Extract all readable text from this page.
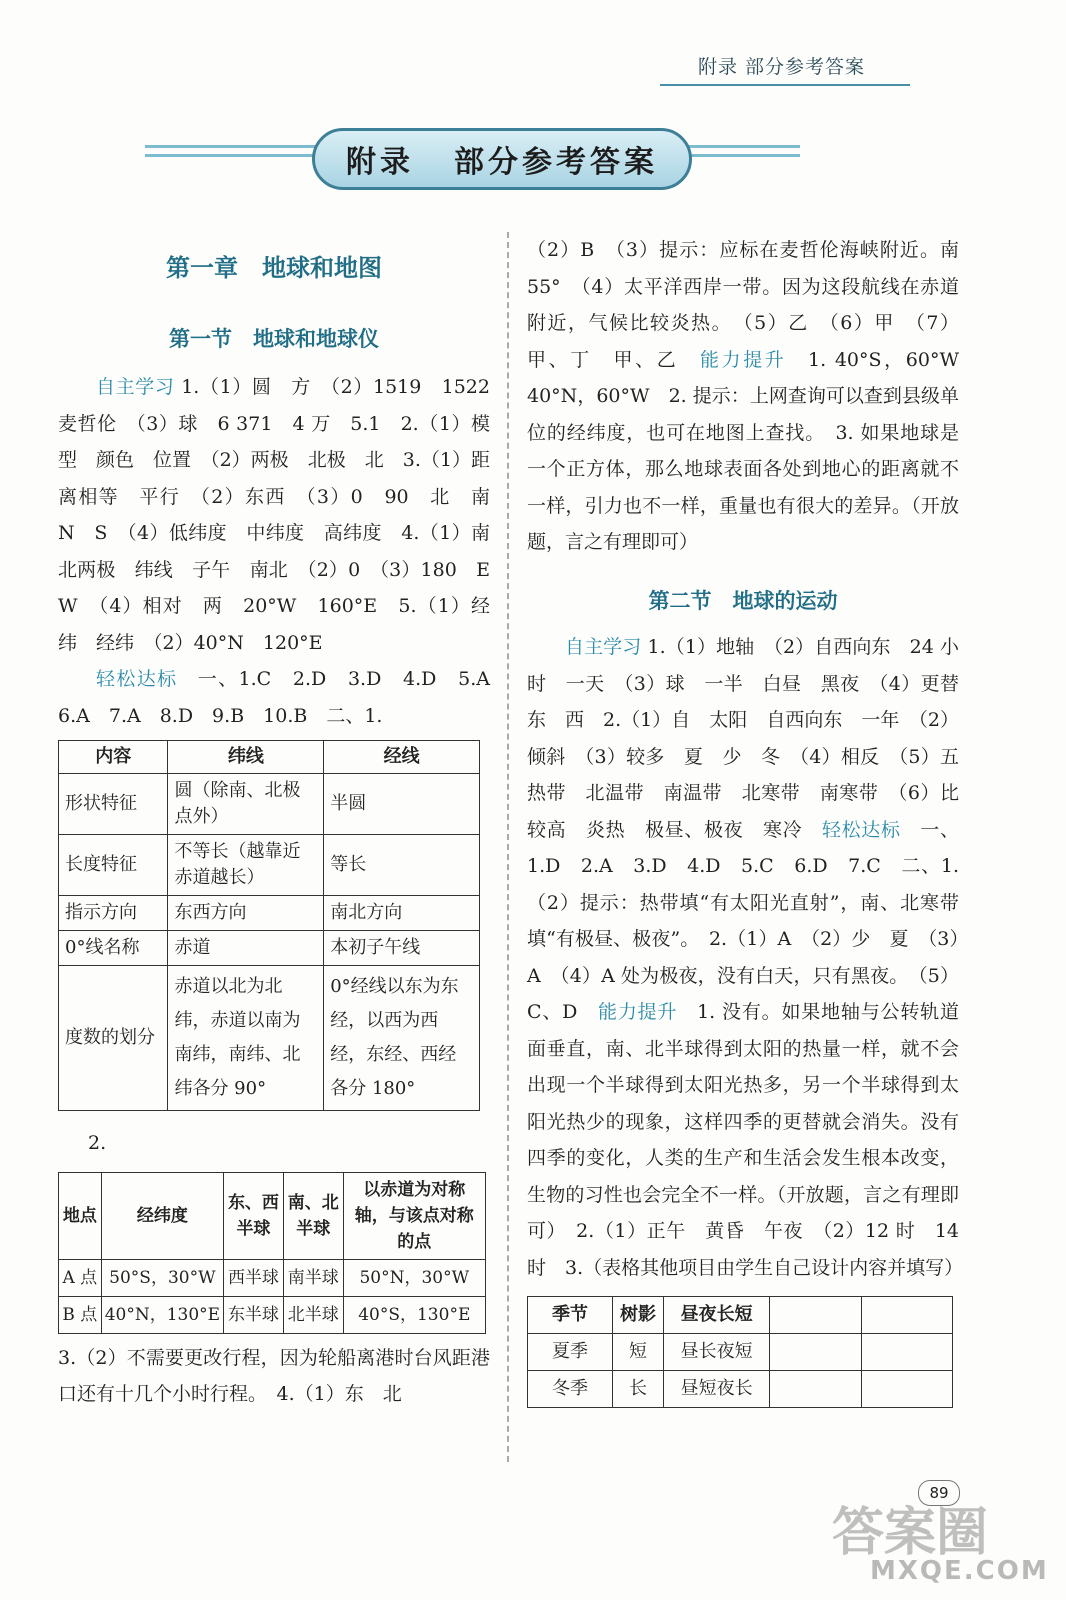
附录 部分参考答案
附录 部分参考答案
第一章　地球和地图
第一节　地球和地球仪

自主学习 1.（1）圆　方　（2）1519　1522　麦哲伦　（3）球　6 371　4 万　5.1　2.（1）模型　颜色　位置　（2）两极　北极　北　3.（1）距离相等　平行　（2）东西　（3）0　90　北　南　N　S　（4）低纬度　中纬度　高纬度　4.（1）南北两极　纬线　子午　南北　（2）0　（3）180　E　W　（4）相对　两　20°W　160°E　5.（1）经　纬　经纬　（2）40°N　120°E

轻松达标　一、1.C　2.D　3.D　4.D　5.A　6.A　7.A　8.D　9.B　10.B　二、1.

内容	纬线	经线
形状特征	圆（除南、北极点外）	半圆
长度特征	不等长（越靠近赤道越长）	等长
指示方向	东西方向	南北方向
0°线名称	赤道	本初子午线
度数的划分	赤道以北为北纬，赤道以南为南纬，南纬、北纬各分 90°	0°经线以东为东经，以西为西经，东经、西经各分 180°

2.

地点	经纬度	东、西半球	南、北半球	以赤道为对称轴，与该点对称的点
A 点	50°S，30°W	西半球	南半球	50°N，30°W
B 点	40°N，130°E	东半球	北半球	40°S，130°E

3.（2）不需要更改行程，因为轮船离港时台风距港口还有十几个小时行程。　4.（1）东　北

（2）B　（3）提示：应标在麦哲伦海峡附近。南　55°　（4）太平洋西岸一带。因为这段航线在赤道附近，气候比较炎热。　（5）乙　（6）甲　（7）甲、丁　甲、乙　能力提升　1. 40°S，60°W　40°N，60°W　2. 提示：上网查询可以查到县级单位的经纬度，也可在地图上查找。　3. 如果地球是一个正方体，那么地球表面各处到地心的距离就不一样，引力也不一样，重量也有很大的差异。（开放题，言之有理即可）

第二节　地球的运动

自主学习 1.（1）地轴　（2）自西向东　24 小时　一天　（3）球　一半　白昼　黑夜　（4）更替　东　西　2.（1）自　太阳　自西向东　一年　（2）倾斜　（3）较多　夏　少　冬　（4）相反　（5）五　热带　北温带　南温带　北寒带　南寒带　（6）比较高　炎热　极昼、极夜　寒冷　轻松达标　一、1.D　2.A　3.D　4.D　5.C　6.D　7.C　二、1.（2）提示：热带填“有太阳光直射”，南、北寒带填“有极昼、极夜”。　2.（1）A　（2）少　夏　（3）A　（4）A 处为极夜，没有白天，只有黑夜。　（5）C、D　能力提升　1. 没有。如果地轴与公转轨道面垂直，南、北半球得到太阳的热量一样，就不会出现一个半球得到太阳光热多，另一个半球得到太阳光热少的现象，这样四季的更替就会消失。没有四季的变化，人类的生产和生活会发生根本改变，生物的习性也会完全不一样。（开放题，言之有理即可）　2.（1）正午　黄昏　午夜　（2）12 时　14 时　3.（表格其他项目由学生自己设计内容并填写）

季节	树影	昼夜长短		
夏季	短	昼长夜短		
冬季	长	昼短夜长		
89
答案圈
MXQE.COM
